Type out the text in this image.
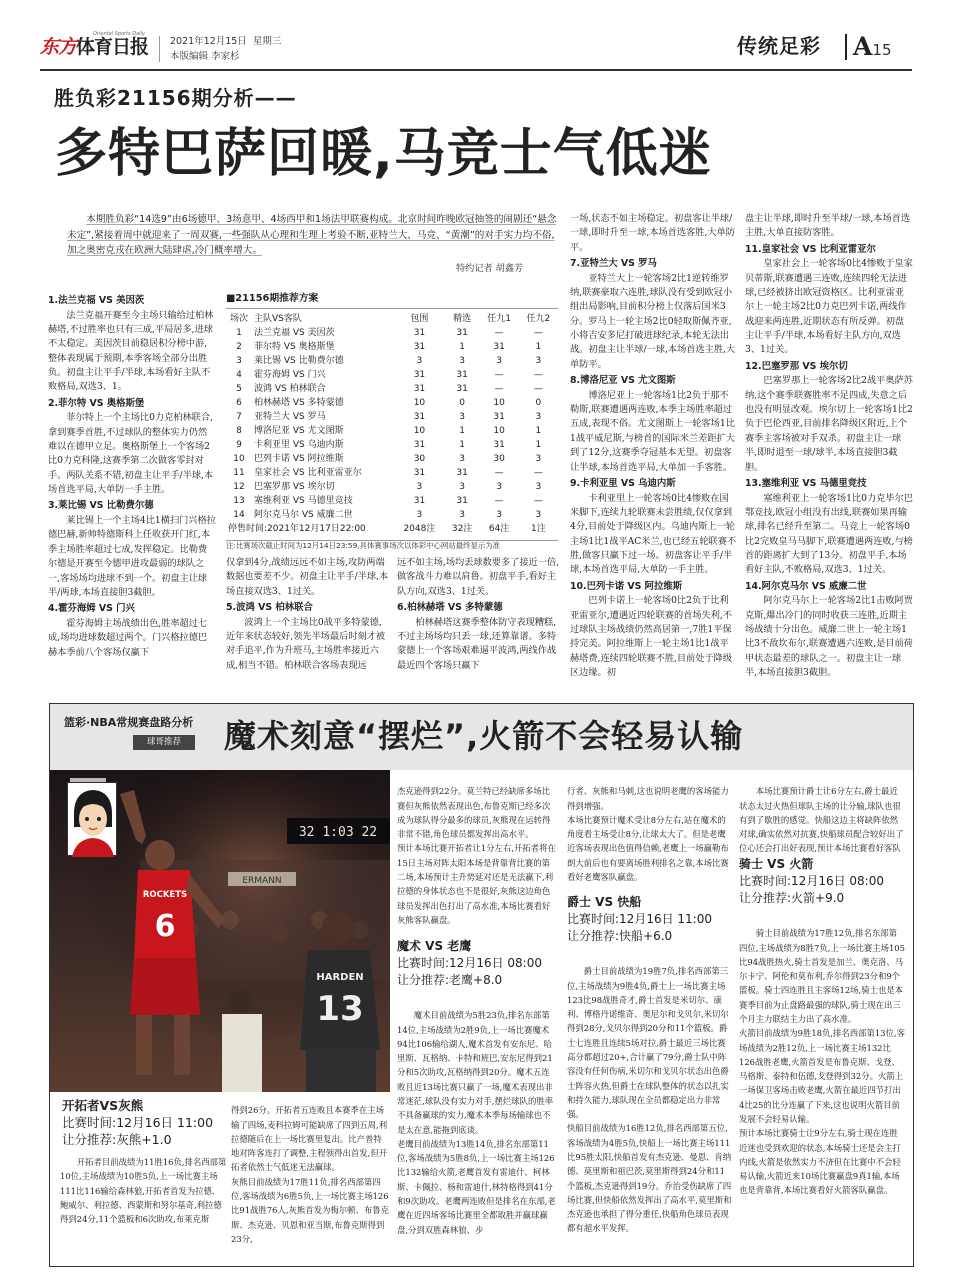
东方体育日报
Oriental Sports Daily
2021年12月15日 星期三
本版编辑 李家杉	传统足彩 A15
胜负彩21156期分析——
多特巴萨回暖,马竞士气低迷

本期胜负彩“14选9”由6场德甲、3场意甲、4场西甲和1场法甲联赛构成。北京时间昨晚欧冠抽签的闹剧还“悬念未定”,紧接着周中就迎来了一周双赛,一些强队从心理和生理上考验不断,亚特兰大、马竞、“黄潮”的对手实力均不俗,加之奥密克戎在欧洲大陆肆虐,冷门概率增大。

特约记者 胡鑫芳

1.法兰克福 VS 美因茨

法兰克福开赛至今主场只输给过柏林赫塔,不过胜率也只有三成,平局居多,进球不太稳定。美因茨目前稳居积分榜中游,整体表现属于预期,本季客场全部分出胜负。初盘主让平手/半球,本场看好主队不败格局,双选3、1。

2.菲尔特 VS 奥格斯堡

菲尔特上一个主场比0力克柏林联合,拿到赛季首胜,不过球队的整体实力仍然难以在德甲立足。奥格斯堡上一个客场2比0力克科隆,这赛季第二次做客零封对手。两队关系不错,初盘主让平手/半球,本场首选平局,大单防一手主胜。

3.莱比锡 VS 比勒费尔德

莱比锡上一个主场4比1横扫门兴格拉德巴赫,新帅特德斯科上任收获开门红,本季主场胜率超过七成,发挥稳定。比勒费尔德是开赛至今德甲进攻最弱的球队之一,客场场均进球不到一个。初盘主让球半/两球,本场直接胆3截胆。

4.霍芬海姆 VS 门兴

霍芬海姆主场战绩出色,胜率超过七成,场均进球数超过两个。门兴格拉德巴赫本季前八个客场仅赢下

■21156期推荐方案
场次	主队VS客队	包围	精选	任九1	任九2
1	法兰克福 VS 美因茨	31	31	—	—
2	菲尔特 VS 奥格斯堡	31	1	31	1
3	莱比锡 VS 比勒费尔德	3	3	3	3
4	霍芬海姆 VS 门兴	31	31	—	—
5	波鸿 VS 柏林联合	31	31	—	—
6	柏林赫塔 VS 多特蒙德	10	0	10	0
7	亚特兰大 VS 罗马	31	3	31	3
8	博洛尼亚 VS 尤文图斯	10	1	10	1
9	卡利亚里 VS 乌迪内斯	31	1	31	1
10	巴列卡诺 VS 阿拉维斯	30	3	30	3
11	皇家社会 VS 比利亚雷亚尔	31	31	—	—
12	巴塞罗那 VS 埃尔切	3	3	3	3
13	塞维利亚 VS 马德里竞技	31	31	—	—
14	阿尔克马尔 VS 威廉二世	3	3	3	3
停售时间:2021年12月17日22:00		2048注	32注	64注	1注
注:比赛场次截止时间为12月14日23:59,具体赛事场次以体彩中心网站最终显示为准

仅拿到4分,战绩远远不如主场,攻防两端数据也要差不少。初盘主让平手/半球,本场直接双选3、1过关。

5.波鸿 VS 柏林联合

波鸿上一个主场比0战平多特蒙德,近年来状态较好,领先半场最后时刻才被对手追平,作为升班马,主场胜率接近六成,相当不错。柏林联合客场表现远

远不如主场,场均丢球数要多了接近一倍,做客战斗力难以肩鲁。初盘平手,看好主队方向,双选3、1过关。

6.柏林赫塔 VS 多特蒙德

柏林赫塔这赛季整体防守表现糟糕,不过主场场均只丢一球,还算靠谱。多特蒙德上一个客场艰难逼平波鸿,两线作战最近四个客场只赢下

一场,状态不如主场稳定。初盘客让半球/一球,即时升至一球,本场首选客胜,大单防平。

7.亚特兰大 VS 罗马

亚特兰大上一轮客场2比1逆转维罗纳,联赛豪取六连胜,球队没有受到欧冠小组出局影响,目前积分榜上仅落后国米3分。罗马上一轮主场2比0轻取斯佩齐亚,小将吉安多尼打破进球纪录,本轮无法出战。初盘主让半球/一球,本场首选主胜,大单防平。

8.博洛尼亚 VS 尤文图斯

博洛尼亚上一轮客场1比2负于那不勒斯,联赛遭遇两连败,本季主场胜率超过五成,表现不俗。尤文图斯上一轮客场1比1战平威尼斯,与榜首的国际米兰差距扩大到了12分,这赛季夺冠基本无望。初盘客让半球,本场首选平局,大单加一手客胜。

9.卡利亚里 VS 乌迪内斯

卡利亚里上一轮客场0比4惨败在国米脚下,连续九轮联赛未尝胜绩,仅仅拿到4分,目前处于降级区内。乌迪内斯上一轮主场1比1战平AC米兰,也已经五轮联赛不胜,做客只赢下过一场。初盘客让平手/半球,本场首选平局,大单防一手主胜。

10.巴列卡诺 VS 阿拉维斯

巴列卡诺上一轮客场0比2负于比利亚雷亚尔,遭遇近四轮联赛的首场失利,不过球队主场战绩仍然高居第一,7胜1平保持完美。阿拉维斯上一轮主场1比1战平赫塔费,连续四轮联赛不胜,目前处于降级区边缘。初

盘主让半球,即时升至半球/一球,本场首选主胜,大单直接防客胜。

11.皇家社会 VS 比利亚雷亚尔

皇家社会上一轮客场0比4惨败于皇家贝蒂斯,联赛遭遇三连败,连续四轮无法进球,已经被挤出欧冠资格区。比利亚雷亚尔上一轮主场2比0力克巴列卡诺,两线作战迎来两连胜,近期状态有所反弹。初盘主让平手/半球,本场看好主队方向,双选3、1过关。

12.巴塞罗那 VS 埃尔切

巴塞罗那上一轮客场2比2战平奥萨苏纳,这个赛季联赛胜率不足四成,失意之后也没有明显改观。埃尔切上一轮客场1比2负于巴伦西亚,目前排名降级区附近,上个赛季主客场被对手双杀。初盘主让一球半,即时退至一球/球半,本场直接胆3截胆。

13.塞维利亚 VS 马德里竞技

塞维利亚上一轮客场1比0力克毕尔巴鄂竞技,欧冠小组没有出线,联赛如果再输球,排名已经升至第二。马竞上一轮客场0比2完败皇马马脚下,联赛遭遇两连败,与榜首的距离扩大到了13分。初盘平手,本场看好主队,不败格局,双选3、1过关。

14.阿尔克马尔 VS 威廉二世

阿尔克马尔上一轮客场2比1击败阿贾克斯,爆出冷门的同时收获三连胜,近期主场战绩十分出色。威廉二世上一轮主场1比3不敌坎布尔,联赛遭遇六连败,是目前荷甲状态最差的球队之一。初盘主让一球半,本场直接胆3截胆。

篮彩·NBA常规赛盘路分析
球哥推荐	魔术刻意“摆烂”,火箭不会轻易认输
32 1:03 22
ERMANN
ROCKETS
6
HARDEN
13
开拓者VS灰熊
比赛时间:12月16日 11:00
让分推荐:灰熊+1.0

开拓者目前战绩为11胜16负,排名西部第10位,主场战绩为10胜5负,上一场比赛主场111比116输给森林狼,开拓者首发为拉德、鲍威尔、利拉德、西蒙斯和努尔基奇,利拉德得到24分,11个篮板和6次助攻,布莱克斯

得到26分。开拓者五连败且本赛季在主场输了四场,麦科拉姆可能缺席了四到五周,利拉德随后在上一场比赛里复出。比产普特地对阵客连打了调整,主程领得出首发,但开拓者依然士气低迷无法赢球。
灰熊目前战绩为17胜11负,排名西部第四位,客场战绩为6胜5负,上一场比赛主场126比91战胜76人,灰熊首发为梅尔顿、布鲁克斯、杰克逊、贝恩和亚当斯,布鲁克斯得到23分,

杰克逊得到22分。莫兰特已经缺席多场比赛但灰熊依然表现出色,布鲁克斯已经多次成为球队得分最多的球员,灰熊现在运转得非常不错,角色球员都发挥出高水平。
预计本场比赛开拓者让1分左右,开拓者将在15日主场对阵太阳本场是背靠背比赛的第二场,本场预计主升势延对还是无法赢下,利拉德的身体状态也不是很好,灰熊这边角色球员发挥出色打出了高水准,本场比赛看好灰熊客队赢盘。

魔术 VS 老鹰
比赛时间:12月16日 08:00
让分推荐:老鹰+8.0

魔术目前战绩为5胜23负,排名东部第14位,主场战绩为2胜9负,上一场比赛魔术94比106输给湖人,魔术首发有安东尼、哈里斯、瓦格纳、卡特和班巴,安东尼得到21分和5次助攻,瓦格纳得到20分。魔术五连败且近13场比赛只赢了一场,魔术表现出非常迷茫,球队没有实力对手,摆烂球队的胜率不具备赢球的实力,魔术本季每场输球也不是太在意,能拖到底谈。
老鹰目前战绩为13胜14负,排名东部第11位,客场战绩为5胜8负,上一场比赛主场126比132输给火箭,老鹰首发有雷迪什、柯林斯、卡佩拉、杨和雷迪什,林特格得到41分和9次助攻。老鹰两连败但是排名在东部,老鹰在近四场客场比赛里全都取胜并赢球赢盘,分到双胜森林狼、步

行者、灰熊和马刺,这也说明老鹰的客场能力得到增强。
本场比赛预计魔术受让8分左右,站在魔术的角度看主场受让8分,让球太大了。但是老鹰近客场表现出色值得信赖,老鹰上一场赢勒布朗大前后也有要离场胜利排名之靠,本场比赛看好老鹰客队赢盘。

爵士 VS 快船
比赛时间:12月16日 11:00
让分推荐:快船+6.0

爵士目前战绩为19胜7负,排名西部第三位,主场战绩为9胜4负,爵士上一场比赛主场123比98战胜奇才,爵士首发是米切尔、康利、博格丹诺维奇、奥尼尔和戈贝尔,米切尔得到28分,戈贝尔得到20分和11个篮板。爵士七连胜且连续5场对拉,爵士最近三场比赛高分都超过20+,合计赢了79分,爵士队中阵容没有任何伤病,米切尔和戈贝尔状态出色爵士阵容火热,但爵士在球队整体的状态以扎实和持久能力,球队现在全员都稳定出力非常强。
快船目前战绩为16胜12负,排名西部第五位,客场战绩为4胜5负,快船上一场比赛主场111比95胜太阳,快船首发有杰克逊、曼恩、肯纳德、莫里斯和祖巴茨,莫里斯得到24分和11个篮板,杰克逊得到19分。乔治受伤缺席了四场比赛,但快船依然发挥出了高水平,莫里斯和杰克逊也承担了得分重任,快船角色球员表现都有超水平发挥。

本场比赛预计爵士让6分左右,爵士最近状态太过火热但球队主场的让分输,球队也很有到了歇胜的感觉。快船这边主将缺阵依然对球,确实依然对抗赛,快船球员配合较好出了位心还会打出好表现,预计本场比赛看好客队

骑士 VS 火箭
比赛时间:12月16日 08:00
让分推荐:火箭+9.0

骑士目前战绩为17胜12负,排名东部第四位,主场战绩为8胜7负,上一场比赛主场105比94战胜热火,骑士首发是加兰、奥克洛、马尔卡宁、阿伦和莫布利,乔尔得到23分和9个篮板。骑士四连胜且主客场12场,骑士也是本赛季目前为止盘路最强的球队,骑士现在出三个月主力联结主力出了高水准。
火箭目前战绩为9胜18负,排名西部第13位,客场战绩为2胜12负,上一场比赛主场132比126战胜老鹰,火箭首发是布鲁克斯、戈登、马格斯、泰特和伍德,戈登得到32分。火箭上一场保卫客场击败老鹰,火箭在最近四节打出4比25的比分连赢了下来,这也说明火箭目前发展不会轻易认输。
预计本场比赛骑士让9分左右,骑士现在连胜近迷也受到欢迎的状态,本场骑士还是会主打内线,火箭是依然实力不济但在比赛中不会轻易认输,火箭近来10场比赛赢盘9真1输,本场也是背靠背,本场比赛看好火箭客队赢盘。
